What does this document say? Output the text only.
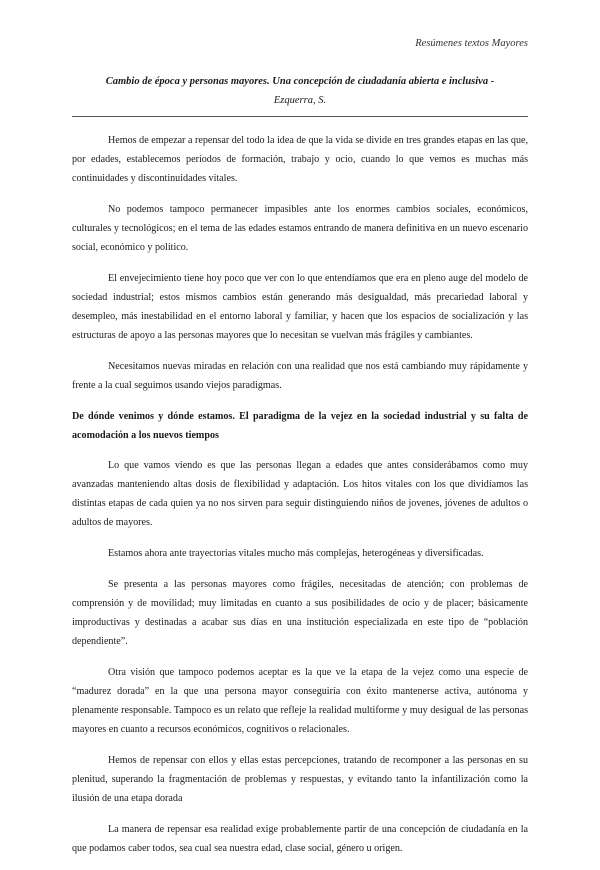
Resúmenes textos Mayores
Cambio de época y personas mayores. Una concepción de ciudadanía abierta e inclusiva -
Ezquerra, S.

Hemos de empezar a repensar del todo la idea de que la vida se divide en tres grandes etapas en las que, por edades, establecemos períodos de formación, trabajo y ocio, cuando lo que vemos es muchas más continuidades y discontinuidades vitales.

No podemos tampoco permanecer impasibles ante los enormes cambios sociales, económicos, culturales y tecnológicos; en el tema de las edades estamos entrando de manera definitiva en un nuevo escenario social, económico y político.

El envejecimiento tiene hoy poco que ver con lo que entendíamos que era en pleno auge del modelo de sociedad industrial; estos mismos cambios están generando más desigualdad, más precariedad laboral y desempleo, más inestabilidad en el entorno laboral y familiar, y hacen que los espacios de socialización y las estructuras de apoyo a las personas mayores que lo necesitan se vuelvan más frágiles y cambiantes.

Necesitamos nuevas miradas en relación con una realidad que nos está cambiando muy rápidamente y frente a la cual seguimos usando viejos paradigmas.

De dónde venimos y dónde estamos. El paradigma de la vejez en la sociedad industrial y su falta de acomodación a los nuevos tiempos

Lo que vamos viendo es que las personas llegan a edades que antes considerábamos como muy avanzadas manteniendo altas dosis de flexibilidad y adaptación. Los hitos vitales con los que dividíamos las distintas etapas de cada quien ya no nos sirven para seguir distinguiendo niños de jovenes, jóvenes de adultos o adultos de mayores.

Estamos ahora ante trayectorias vitales mucho más complejas, heterogéneas y diversificadas.

Se presenta a las personas mayores como frágiles, necesitadas de atención; con problemas de comprensión y de movilidad; muy limitadas en cuanto a sus posibilidades de ocio y de placer; básicamente improductivas y destinadas a acabar sus días en una institución especializada en este tipo de “población dependiente”.

Otra visión que tampoco podemos aceptar es la que ve la etapa de la vejez como una especie de “madurez dorada” en la que una persona mayor conseguiría con éxito mantenerse activa, autónoma y plenamente responsable. Tampoco es un relato que refleje la realidad multiforme y muy desigual de las personas mayores en cuanto a recursos económicos, cognitivos o relacionales.

Hemos de repensar con ellos y ellas estas percepciones, tratando de recomponer a las personas en su plenitud, superando la fragmentación de problemas y respuestas, y evitando tanto la infantilización como la ilusión de una etapa dorada

La manera de repensar esa realidad exige probablemente partir de una concepción de ciudadanía en la que podamos caber todos, sea cual sea nuestra edad, clase social, género u origen.
